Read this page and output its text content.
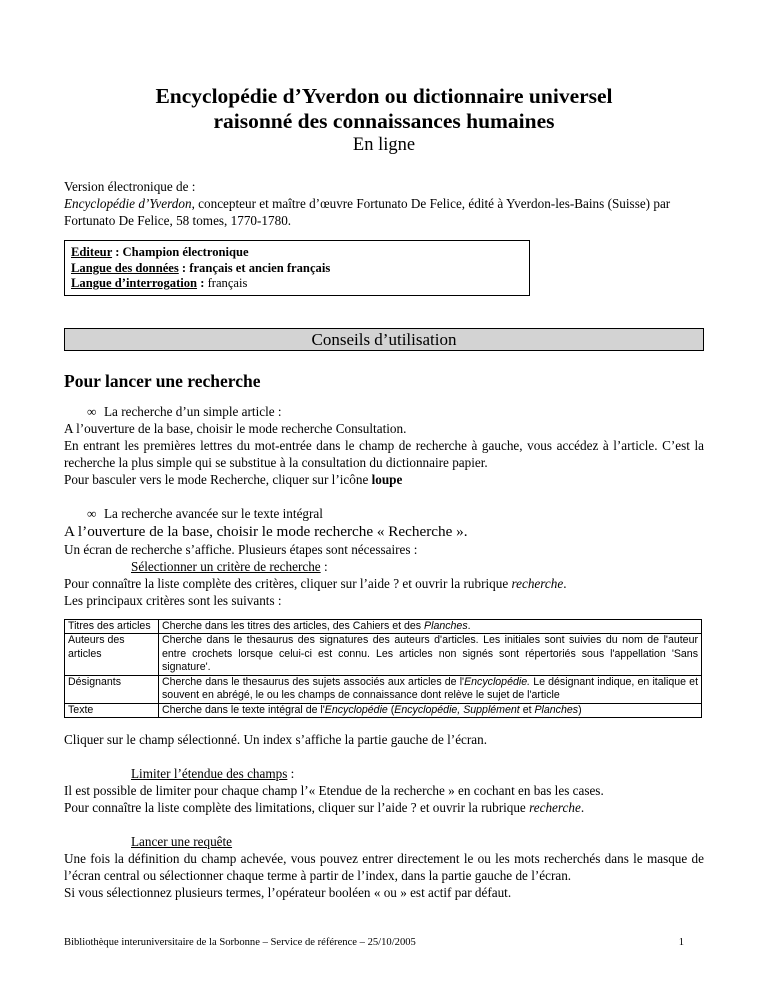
Encyclopédie d’Yverdon ou dictionnaire universel

raisonné des connaissances humaines

En ligne

Version électronique de :

Encyclopédie d’Yverdon, concepteur et maître d’œuvre Fortunato De Felice, édité à Yverdon-les-Bains (Suisse) par Fortunato De Felice, 58 tomes, 1770-1780.

Editeur : Champion électronique

Langue des données : français et ancien français

Langue d’interrogation : français

Conseils d’utilisation
Pour lancer une recherche

∞ La recherche d’un simple article :

A l’ouverture de la base, choisir le mode recherche Consultation.

En entrant les premières lettres du mot-entrée dans le champ de recherche à gauche, vous accédez à l’article. C’est la recherche la plus simple qui se substitue à la consultation du dictionnaire papier.

Pour basculer vers le mode Recherche, cliquer sur l’icône loupe

∞ La recherche avancée sur le texte intégral

A l’ouverture de la base, choisir le mode recherche « Recherche ».

Un écran de recherche s’affiche. Plusieurs étapes sont nécessaires :

Sélectionner un critère de recherche :

Pour connaître la liste complète des critères, cliquer sur l’aide ? et ouvrir la rubrique recherche.

Les principaux critères sont les suivants :

Titres des articles	Cherche dans les titres des articles, des Cahiers et des Planches.
Auteurs des articles	Cherche dans le thesaurus des signatures des auteurs d'articles. Les initiales sont suivies du nom de l'auteur entre crochets lorsque celui-ci est connu. Les articles non signés sont répertoriés sous l'appellation 'Sans signature'.
Désignants	Cherche dans le thesaurus des sujets associés aux articles de l'Encyclopédie. Le désignant indique, en italique et souvent en abrégé, le ou les champs de connaissance dont relève le sujet de l'article
Texte	Cherche dans le texte intégral de l'Encyclopédie (Encyclopédie, Supplément et Planches)

Cliquer sur le champ sélectionné. Un index s’affiche la partie gauche de l’écran.

Limiter l’étendue des champs :

Il est possible de limiter pour chaque champ l’« Etendue de la recherche » en cochant en bas les cases.

Pour connaître la liste complète des limitations, cliquer sur l’aide ? et ouvrir la rubrique recherche.

Lancer une requête

Une fois la définition du champ achevée, vous pouvez entrer directement le ou les mots recherchés dans le masque de l’écran central ou sélectionner chaque terme à partir de l’index, dans la partie gauche de l’écran.

Si vous sélectionnez plusieurs termes, l’opérateur booléen « ou » est actif par défaut.

Bibliothèque interuniversitaire de la Sorbonne – Service de référence – 25/10/2005	1
